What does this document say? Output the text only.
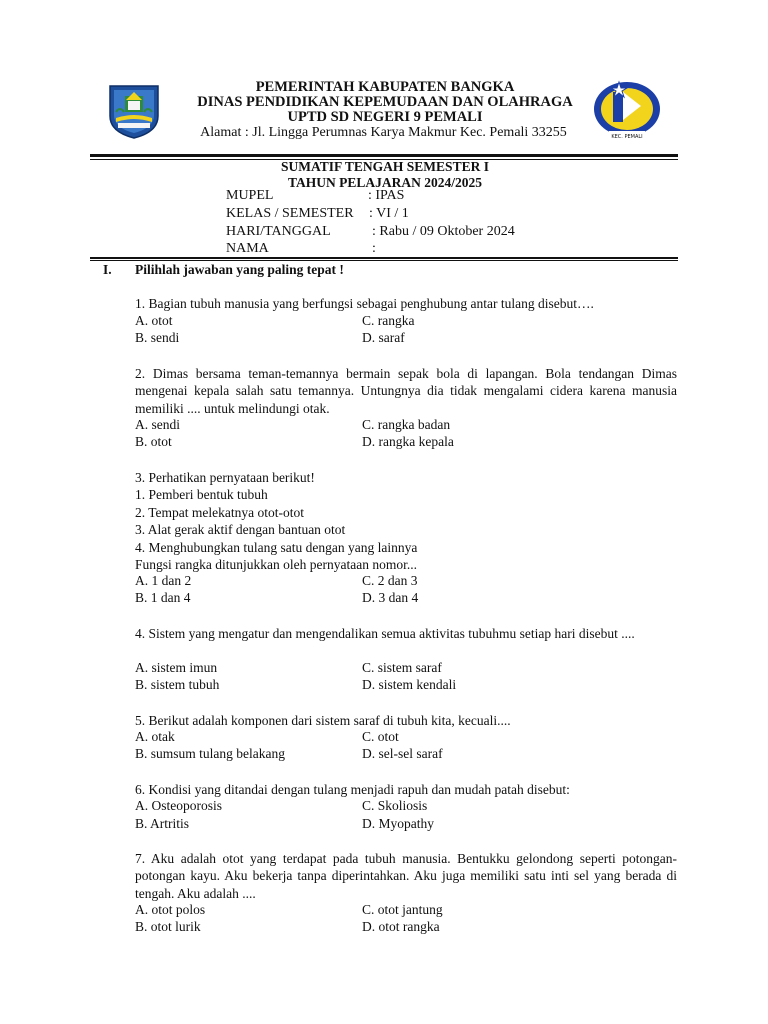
KEC. PEMALI
PEMERINTAH KABUPATEN BANGKA
DINAS PENDIDIKAN KEPEMUDAAN DAN OLAHRAGA
UPTD SD NEGERI 9 PEMALI
Alamat : Jl. Lingga Perumnas Karya Makmur Kec. Pemali 33255
SUMATIF TENGAH SEMESTER I
TAHUN PELAJARAN 2024/2025
MUPEL	: IPAS
KELAS / SEMESTER : VI / 1
HARI/TANGGAL	: Rabu / 09 Oktober 2024
NAMA	:
I. Pilihlah jawaban yang paling tepat !

1. Bagian tubuh manusia yang berfungsi sebagai penghubung antar tulang disebut….

A. otot	C. rangka
B. sendi	D. saraf

2. Dimas bersama teman-temannya bermain sepak bola di lapangan. Bola tendangan Dimas mengenai kepala salah satu temannya. Untungnya dia tidak mengalami cidera karena manusia memiliki .... untuk melindungi otak.

A. sendi	C. rangka badan
B. otot	D. rangka kepala

3. Perhatikan pernyataan berikut!

1. Pemberi bentuk tubuh

2. Tempat melekatnya otot-otot

3. Alat gerak aktif dengan bantuan otot

4. Menghubungkan tulang satu dengan yang lainnya

Fungsi rangka ditunjukkan oleh pernyataan nomor...

A. 1 dan 2	C. 2 dan 3
B. 1 dan 4	D. 3 dan 4

4. Sistem yang mengatur dan mengendalikan semua aktivitas tubuhmu setiap hari disebut ....

A. sistem imun	C. sistem saraf
B. sistem tubuh	D. sistem kendali

5. Berikut adalah komponen dari sistem saraf di tubuh kita, kecuali....

A. otak	C. otot
B. sumsum tulang belakang	D. sel-sel saraf

6. Kondisi yang ditandai dengan tulang menjadi rapuh dan mudah patah disebut:

A. Osteoporosis	C. Skoliosis
B. Artritis	D. Myopathy

7. Aku adalah otot yang terdapat pada tubuh manusia. Bentukku gelondong seperti potongan-potongan kayu. Aku bekerja tanpa diperintahkan. Aku juga memiliki satu inti sel yang berada di tengah. Aku adalah ....

A. otot polos	C. otot jantung
B. otot lurik	D. otot rangka
